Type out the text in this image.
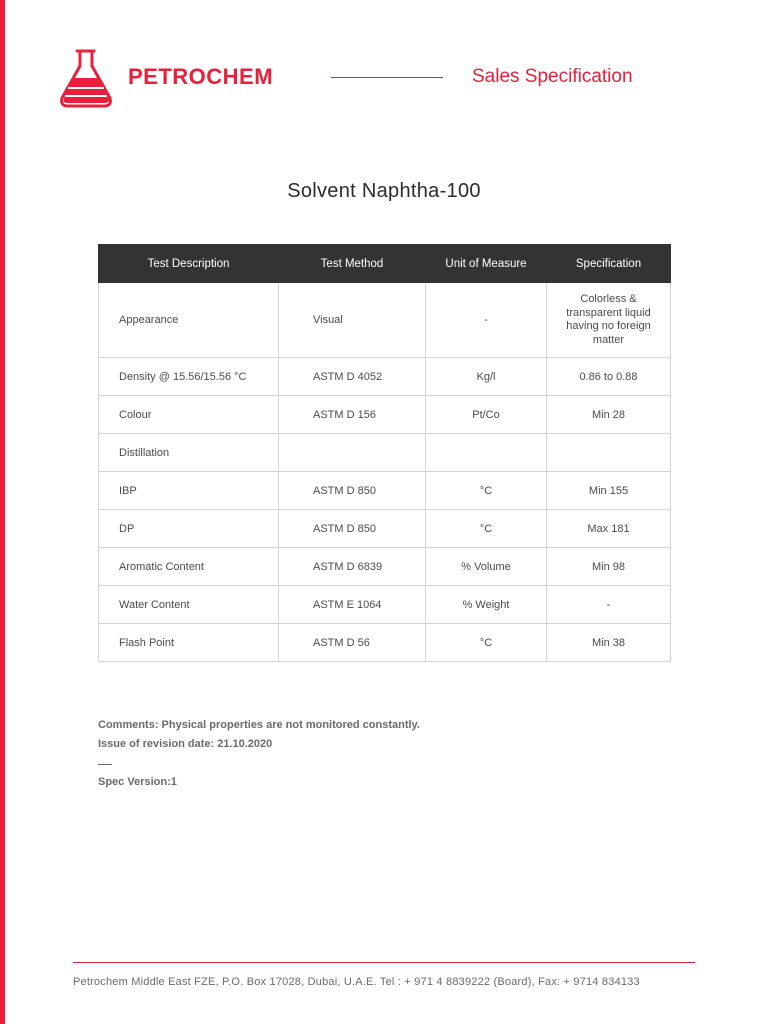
PETROCHEM	Sales Specification
Solvent Naphtha-100
Test Description	Test Method	Unit of Measure	Specification
Appearance	Visual	-	Colorless & transparent liquid having no foreign matter
Density @ 15.56/15.56 °C	ASTM D 4052	Kg/l	0.86 to 0.88
Colour	ASTM D 156	Pt/Co	Min 28
Distillation			
IBP	ASTM D 850	°C	Min 155
DP	ASTM D 850	°C	Max 181
Aromatic Content	ASTM D 6839	% Volume	Min 98
Water Content	ASTM E 1064	% Weight	-
Flash Point	ASTM D 56	°C	Min 38
Comments: Physical properties are not monitored constantly.
Issue of revision date: 21.10.2020
Spec Version:1
Petrochem Middle East FZE, P.O. Box 17028, Dubai, U.A.E. Tel : + 971 4 8839222 (Board), Fax: + 9714 834133
